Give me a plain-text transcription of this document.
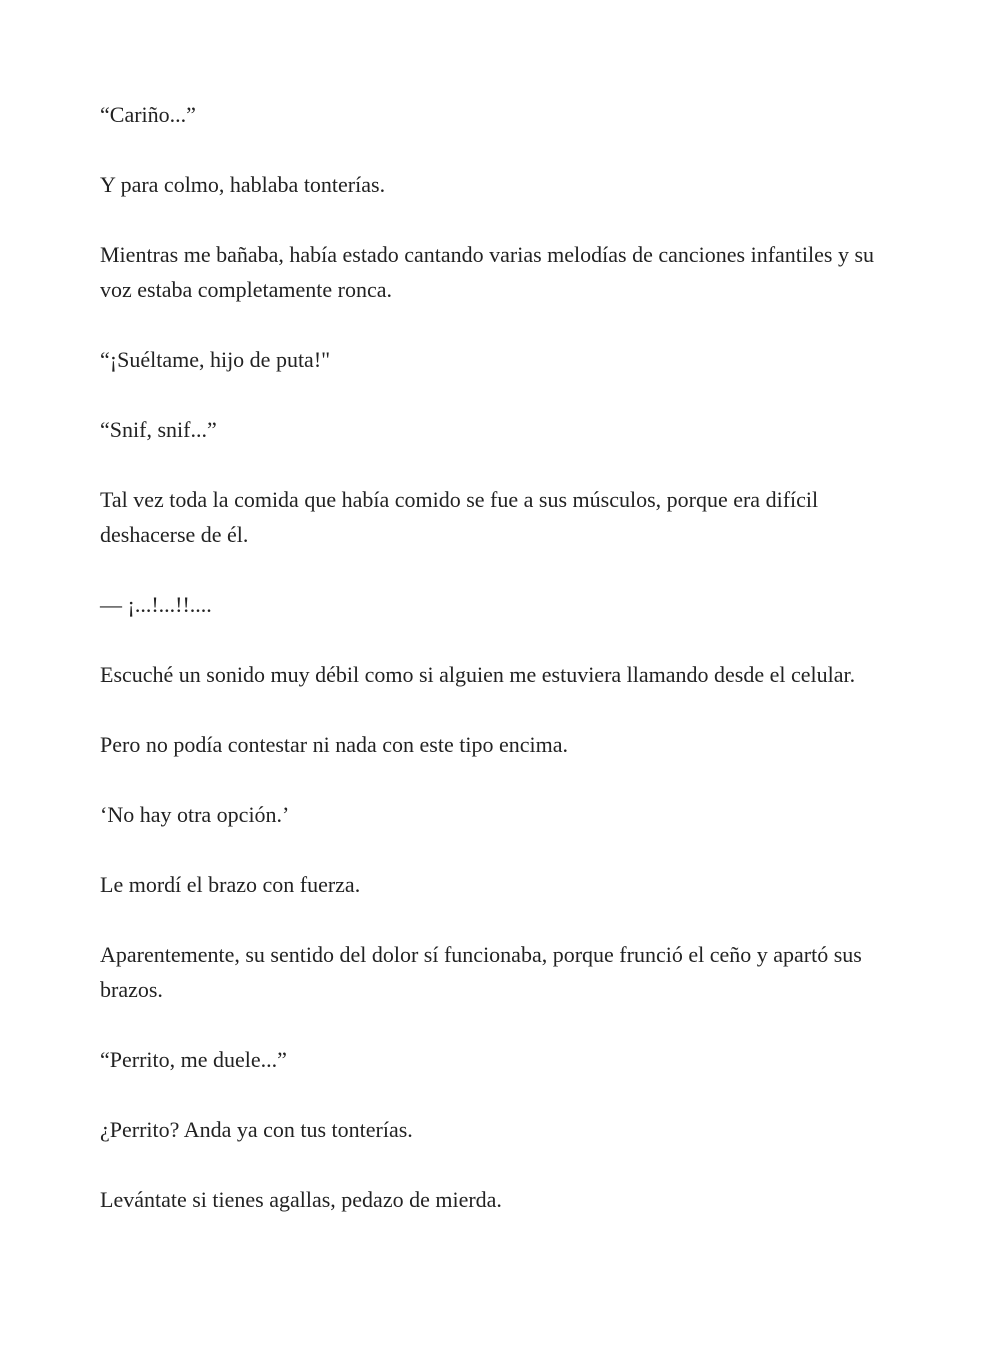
“Cariño...”

Y para colmo, hablaba tonterías.

Mientras me bañaba, había estado cantando varias melodías de canciones infantiles y su voz estaba completamente ronca.

“¡Suéltame, hijo de puta!"

“Snif, snif...”

Tal vez toda la comida que había comido se fue a sus músculos, porque era difícil deshacerse de él.

— ¡...!...!!....

Escuché un sonido muy débil como si alguien me estuviera llamando desde el celular.

Pero no podía contestar ni nada con este tipo encima.

‘No hay otra opción.’

Le mordí el brazo con fuerza.

Aparentemente, su sentido del dolor sí funcionaba, porque frunció el ceño y apartó sus brazos.

“Perrito, me duele...”

¿Perrito? Anda ya con tus tonterías.

Levántate si tienes agallas, pedazo de mierda.
